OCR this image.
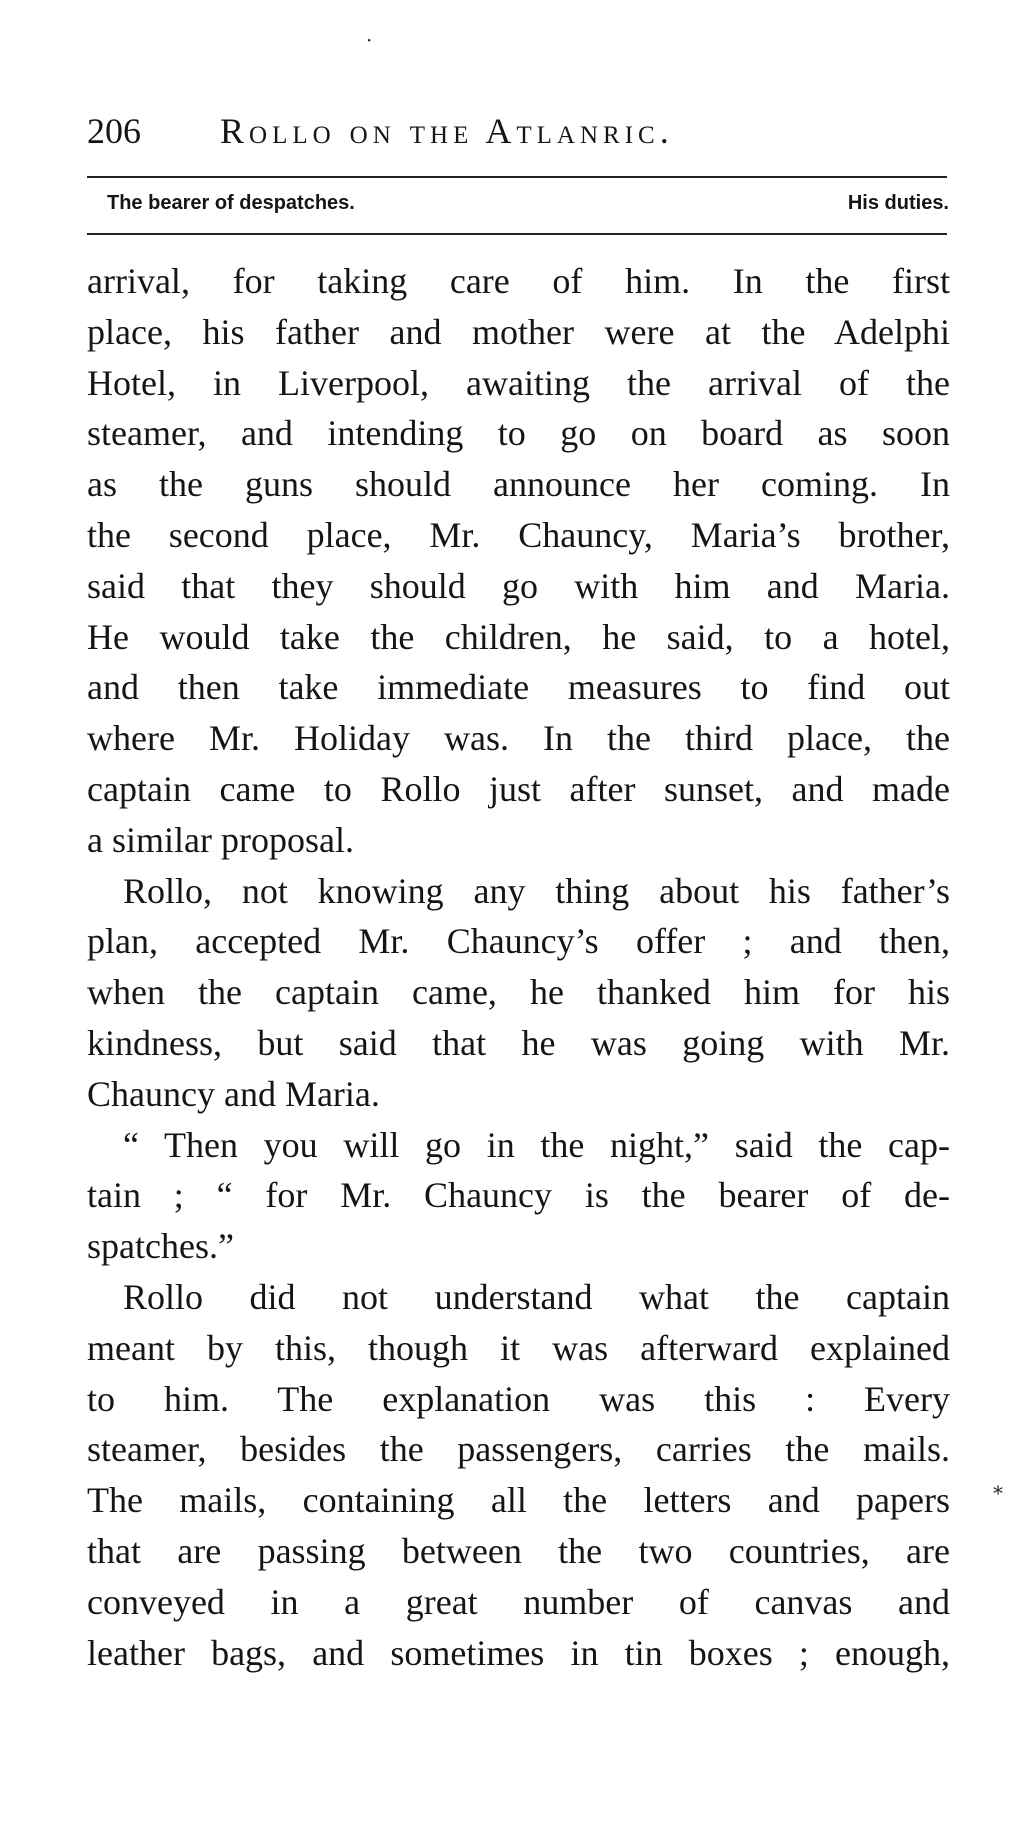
·
206 Rollo on the Atlanric.
The bearer of despatches.	His duties.
arrival, for taking care of him. In the first
place, his father and mother were at the Adelphi
Hotel, in Liverpool, awaiting the arrival of the
steamer, and intending to go on board as soon
as the guns should announce her coming. In
the second place, Mr. Chauncy, Maria’s brother,
said that they should go with him and Maria.
He would take the children, he said, to a hotel,
and then take immediate measures to find out
where Mr. Holiday was. In the third place, the
captain came to Rollo just after sunset, and made
a similar proposal.
Rollo, not knowing any thing about his father’s
plan, accepted Mr. Chauncy’s offer ; and then,
when the captain came, he thanked him for his
kindness, but said that he was going with Mr.
Chauncy and Maria.
“ Then you will go in the night,” said the cap-
tain ; “ for Mr. Chauncy is the bearer of de-
spatches.”
Rollo did not understand what the captain
meant by this, though it was afterward explained
to him. The explanation was this : Every
steamer, besides the passengers, carries the mails.
The mails, containing all the letters and papers
that are passing between the two countries, are
conveyed in a great number of canvas and
leather bags, and sometimes in tin boxes ; enough,
⁎
